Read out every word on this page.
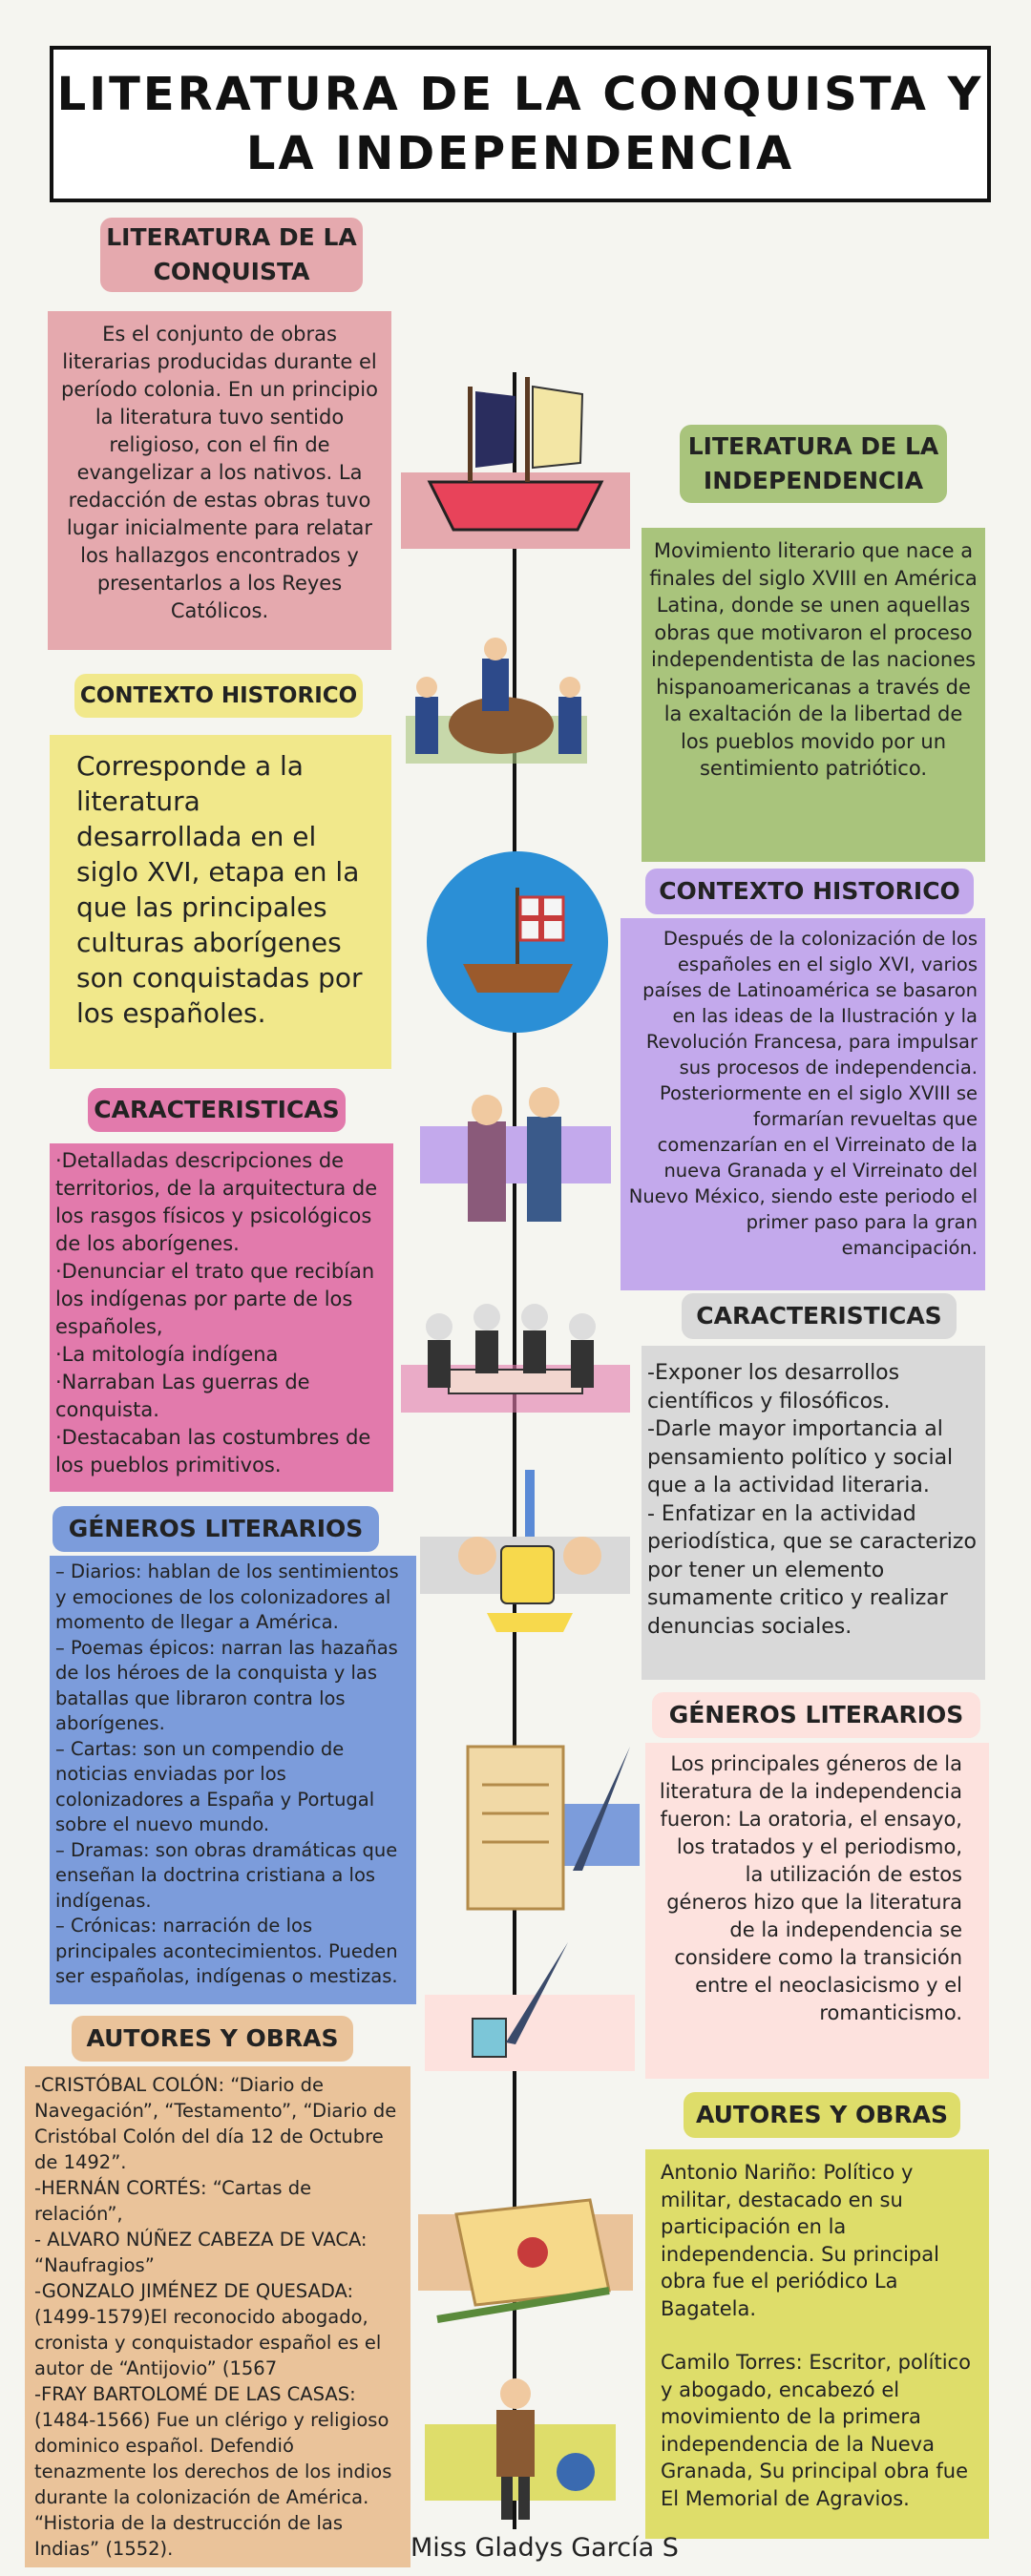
LITERATURA DE LA CONQUISTA Y
LA INDEPENDENCIA
LITERATURA DE LA
CONQUISTA

Es el conjunto de obras literarias producidas durante el período colonia. En un principio la literatura tuvo sentido religioso, con el fin de evangelizar a los nativos. La redacción de estas obras tuvo lugar inicialmente para relatar los hallazgos encontrados y presentarlos a los Reyes Católicos.

CONTEXTO HISTORICO

Corresponde a la literatura desarrollada en el siglo XVI, etapa en la que las principales culturas aborígenes son conquistadas por los españoles.

CARACTERISTICAS

·Detalladas descripciones de territorios, de la arquitectura de los rasgos físicos y psicológicos de los aborígenes.

·Denunciar el trato que recibían los indígenas por parte de los españoles,

·La mitología indígena

·Narraban Las guerras de conquista.

·Destacaban las costumbres de los pueblos primitivos.

GÉNEROS LITERARIOS

– Diarios: hablan de los sentimientos y emociones de los colonizadores al momento de llegar a América.

– Poemas épicos: narran las hazañas de los héroes de la conquista y las batallas que libraron contra los aborígenes.

– Cartas: son un compendio de noticias enviadas por los colonizadores a España y Portugal sobre el nuevo mundo.

– Dramas: son obras dramáticas que enseñan la doctrina cristiana a los indígenas.

– Crónicas: narración de los principales acontecimientos. Pueden ser españolas, indígenas o mestizas.

AUTORES Y OBRAS

-CRISTÓBAL COLÓN: “Diario de Navegación”, “Testamento”, “Diario de Cristóbal Colón del día 12 de Octubre de 1492”.

-HERNÁN CORTÉS: “Cartas de relación”,

- ALVARO NÚÑEZ CABEZA DE VACA: “Naufragios”

-GONZALO JIMÉNEZ DE QUESADA: (1499-1579)El reconocido abogado, cronista y conquistador español es el autor de “Antijovio” (1567

-FRAY BARTOLOMÉ DE LAS CASAS: (1484-1566) Fue un clérigo y religioso dominico español. Defendió tenazmente los derechos de los indios durante la colonización de América. “Historia de la destrucción de las Indias” (1552).

LITERATURA DE LA
INDEPENDENCIA

Movimiento literario que nace a finales del siglo XVIII en América Latina, donde se unen aquellas obras que motivaron el proceso independentista de las naciones hispanoamericanas a través de la exaltación de la libertad de los pueblos movido por un sentimiento patriótico.

CONTEXTO HISTORICO

Después de la colonización de los españoles en el siglo XVI, varios países de Latinoamérica se basaron en las ideas de la Ilustración y la Revolución Francesa, para impulsar sus procesos de independencia. Posteriormente en el siglo XVIII se formarían revueltas que comenzarían en el Virreinato de la nueva Granada y el Virreinato del Nuevo México, siendo este periodo el primer paso para la gran emancipación.

CARACTERISTICAS

-Exponer los desarrollos científicos y filosóficos.

-Darle mayor importancia al pensamiento político y social que a la actividad literaria.

- Enfatizar en la actividad periodística, que se caracterizo por tener un elemento sumamente critico y realizar denuncias sociales.

GÉNEROS LITERARIOS

Los principales géneros de la literatura de la independencia fueron: La oratoria, el ensayo, los tratados y el periodismo, la utilización de estos géneros hizo que la literatura de la independencia se considere como la transición entre el neoclasicismo y el romanticismo.

AUTORES Y OBRAS

Antonio Nariño: Político y militar, destacado en su participación en la independencia. Su principal obra fue el periódico La Bagatela.

Camilo Torres: Escritor, político y abogado, encabezó el movimiento de la primera independencia de la Nueva Granada, Su principal obra fue El Memorial de Agravios.

Miss Gladys García S
